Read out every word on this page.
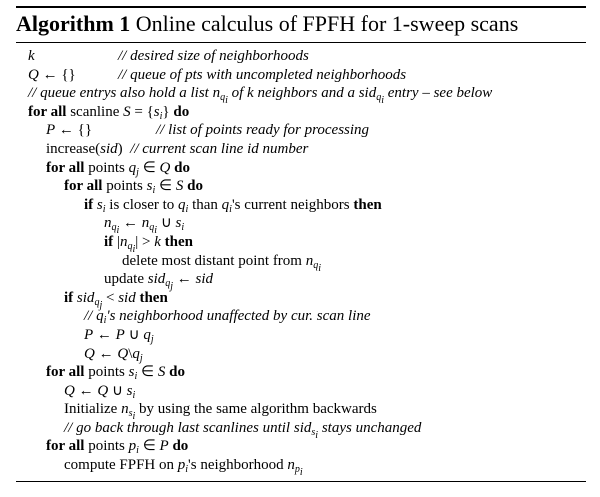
Algorithm 1 Online calculus of FPFH for 1-sweep scans
k	// desired size of neighborhoods
Q ← {}	// queue of pts with uncompleted neighborhoods
// queue entrys also hold a list $n_{q_i}$ of k neighbors and a sid$_{q_i}$ entry – see below
for all scanline $S = \{s_i\}$ do
P ← {}	// list of points ready for processing
increase(sid)  // current scan line id number
for all points $q_j$ ∈ Q do
for all points $s_i$ ∈ S do
if $s_i$ is closer to $q_i$ than $q_i's$ current neighbors then
$n_{q_i}$ ← $n_{q_i}$ ∪ $s_i$
if $|n_{q_i}| > k$ then
delete most distant point from $n_{q_i}$
update sid$_{q_j}$ ← sid
if sid$_{q_j}$ < sid then
// $q_i's$ neighborhood unaffected by cur. scan line
P ← P ∪ $q_j$
Q ← $Q\backslash q_j$
for all points $s_i$ ∈ S do
Q ← Q ∪ $s_i$
Initialize $n_{s_i}$ by using the same algorithm backwards
// go back through last scanlines until sid$_{s_i}$ stays unchanged
for all points $p_i$ ∈ P do
compute FPFH on $p_i's$ neighborhood $n_{p_i}$
